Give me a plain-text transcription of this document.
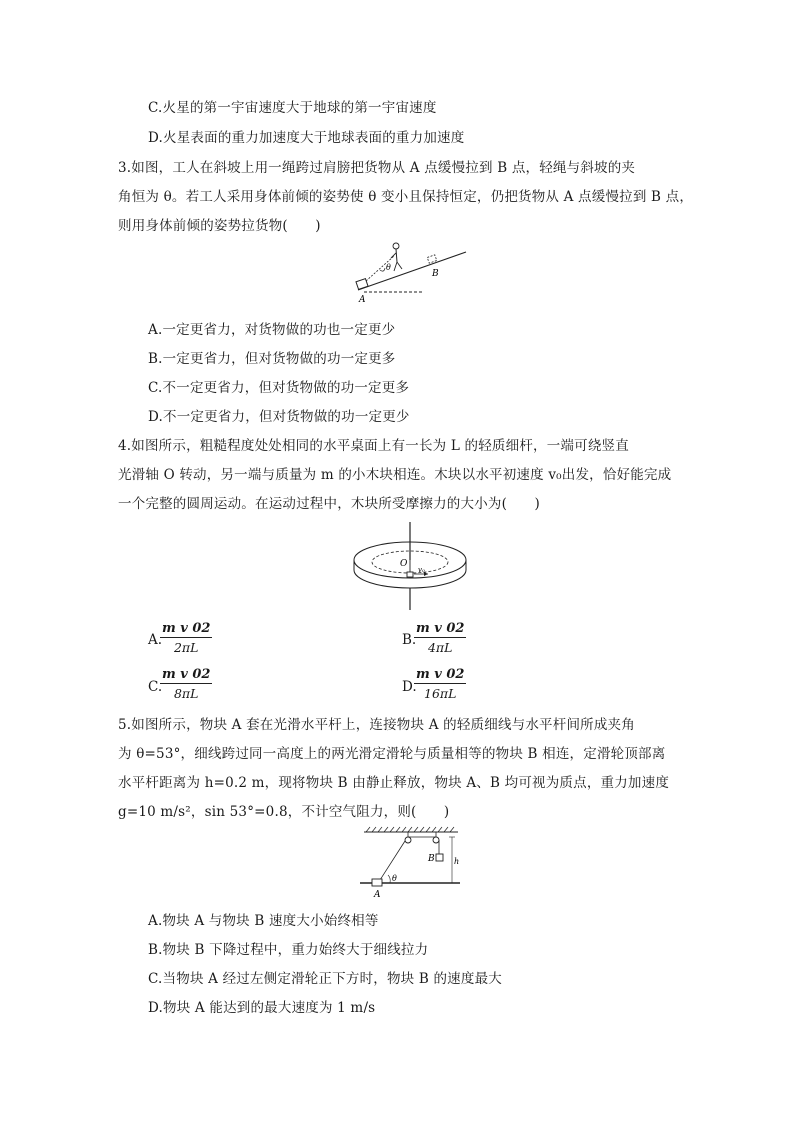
C.火星的第一宇宙速度大于地球的第一宇宙速度
D.火星表面的重力加速度大于地球表面的重力加速度
3.如图，工人在斜坡上用一绳跨过肩膀把货物从 A 点缓慢拉到 B 点，轻绳与斜坡的夹
角恒为 θ。若工人采用身体前倾的姿势使 θ 变小且保持恒定，仍把货物从 A 点缓慢拉到 B 点，
则用身体前倾的姿势拉货物(　　)
θ
A
B
A.一定更省力，对货物做的功也一定更少
B.一定更省力，但对货物做的功一定更多
C.不一定更省力，但对货物做的功一定更多
D.不一定更省力，但对货物做的功一定更少
4.如图所示，粗糙程度处处相同的水平桌面上有一长为 L 的轻质细杆，一端可绕竖直
光滑轴 O 转动，另一端与质量为 m 的小木块相连。木块以水平初速度 v₀出发，恰好能完成
一个完整的圆周运动。在运动过程中，木块所受摩擦力的大小为(　　)
O
v₀
A.
$\frac{\text{m v 02}}{2\pi L}$	B.
$\frac{\text{m v 02}}{4\pi L}$
C.
$\frac{\text{m v 02}}{8\pi L}$	D.
$\frac{\text{m v 02}}{16\pi L}$
5.如图所示，物块 A 套在光滑水平杆上，连接物块 A 的轻质细线与水平杆间所成夹角
为 θ=53°，细线跨过同一高度上的两光滑定滑轮与质量相等的物块 B 相连，定滑轮顶部离
水平杆距离为 h=0.2 m，现将物块 B 由静止释放，物块 A、B 均可视为质点，重力加速度
g=10 m/s²，sin 53°=0.8，不计空气阻力，则(　　)
θ
A
B h
A.物块 A 与物块 B 速度大小始终相等
B.物块 B 下降过程中，重力始终大于细线拉力
C.当物块 A 经过左侧定滑轮正下方时，物块 B 的速度最大
D.物块 A 能达到的最大速度为 1 m/s
